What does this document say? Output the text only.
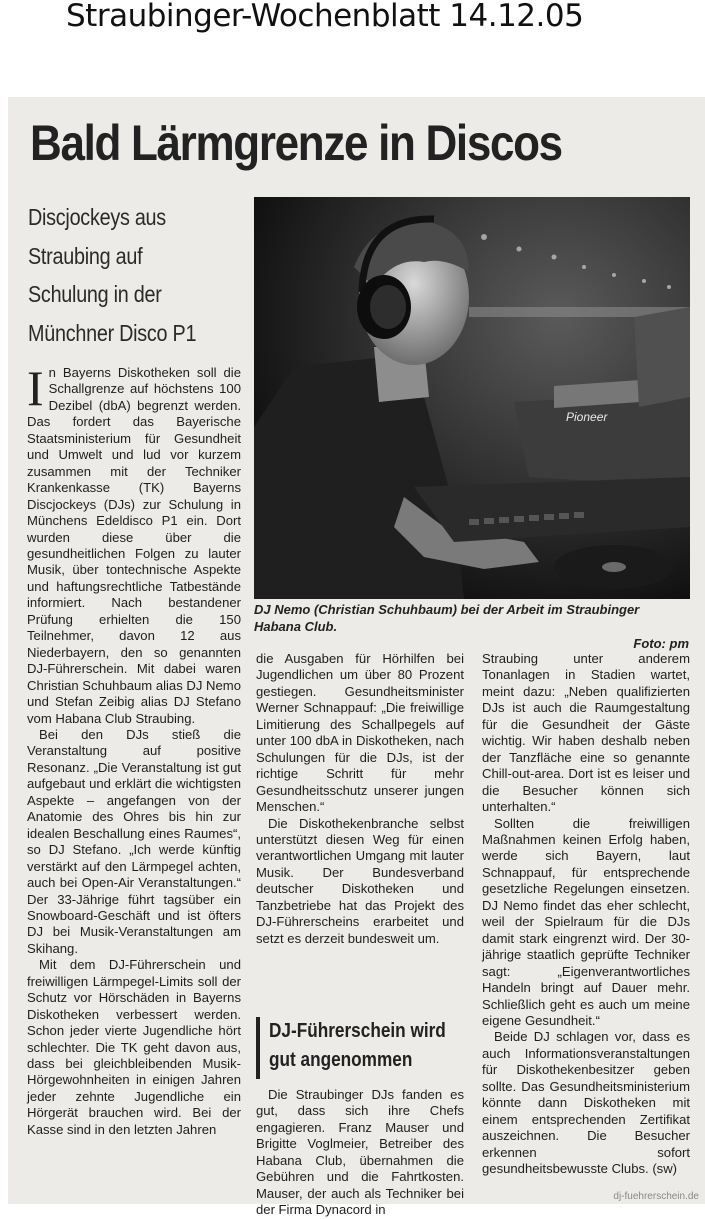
Straubinger-Wochenblatt 14.12.05
Bald Lärmgrenze in Discos
Discjockeys aus Straubing auf Schulung in der Münchner Disco P1
Pioneer
DJ Nemo (Christian Schuhbaum) bei der Arbeit im Straubinger Habana Club.
Foto: pm

In Bayerns Diskotheken soll die Schallgrenze auf höchstens 100 Dezibel (dbA) begrenzt werden. Das fordert das Bayerische Staatsministerium für Gesundheit und Umwelt und lud vor kurzem zusammen mit der Techniker Krankenkasse (TK) Bayerns Discjockeys (DJs) zur Schulung in Münchens Edeldisco P1 ein. Dort wurden diese über die gesundheitlichen Folgen zu lauter Musik, über tontechnische Aspekte und haftungsrechtliche Tatbestände informiert. Nach bestandener Prüfung erhielten die 150 Teilnehmer, davon 12 aus Niederbayern, den so genannten DJ-Führerschein. Mit dabei waren Christian Schuhbaum alias DJ Nemo und Stefan Zeibig alias DJ Stefano vom Habana Club Straubing.

Bei den DJs stieß die Veranstaltung auf positive Resonanz. „Die Veranstaltung ist gut aufgebaut und erklärt die wichtigsten Aspekte – angefangen von der Anatomie des Ohres bis hin zur idealen Beschallung eines Raumes“, so DJ Stefano. „Ich werde künftig verstärkt auf den Lärmpegel achten, auch bei Open-Air Veranstaltungen.“ Der 33-Jährige führt tagsüber ein Snowboard-Geschäft und ist öfters DJ bei Musik-Veranstaltungen am Skihang.

Mit dem DJ-Führerschein und freiwilligen Lärmpegel-Limits soll der Schutz vor Hörschäden in Bayerns Diskotheken verbessert werden. Schon jeder vierte Jugendliche hört schlechter. Die TK geht davon aus, dass bei gleichbleibenden Musik-Hörgewohnheiten in einigen Jahren jeder zehnte Jugendliche ein Hörgerät brauchen wird. Bei der Kasse sind in den letzten Jahren

die Ausgaben für Hörhilfen bei Jugendlichen um über 80 Prozent gestiegen. Gesundheitsminister Werner Schnappauf: „Die freiwillige Limitierung des Schallpegels auf unter 100 dbA in Diskotheken, nach Schulungen für die DJs, ist der richtige Schritt für mehr Gesundheitsschutz unserer jungen Menschen.“

Die Diskothekenbranche selbst unterstützt diesen Weg für einen verantwortlichen Umgang mit lauter Musik. Der Bundesverband deutscher Diskotheken und Tanzbetriebe hat das Projekt des DJ-Führerscheins erarbeitet und setzt es derzeit bundesweit um.

DJ-Führerschein wird
gut angenommen

Die Straubinger DJs fanden es gut, dass sich ihre Chefs engagieren. Franz Mauser und Brigitte Voglmeier, Betreiber des Habana Club, übernahmen die Gebühren und die Fahrtkosten. Mauser, der auch als Techniker bei der Firma Dynacord in

Straubing unter anderem Tonanlagen in Stadien wartet, meint dazu: „Neben qualifizierten DJs ist auch die Raumgestaltung für die Gesundheit der Gäste wichtig. Wir haben deshalb neben der Tanzfläche eine so genannte Chill-out-area. Dort ist es leiser und die Besucher können sich unterhalten.“

Sollten die freiwilligen Maßnahmen keinen Erfolg haben, werde sich Bayern, laut Schnappauf, für entsprechende gesetzliche Regelungen einsetzen. DJ Nemo findet das eher schlecht, weil der Spielraum für die DJs damit stark eingrenzt wird. Der 30-jährige staatlich geprüfte Techniker sagt: „Eigenverantwortliches Handeln bringt auf Dauer mehr. Schließlich geht es auch um meine eigene Gesundheit.“

Beide DJ schlagen vor, dass es auch Informationsveranstaltungen für Diskothekenbesitzer geben sollte. Das Gesundheitsministerium könnte dann Diskotheken mit einem entsprechenden Zertifikat auszeichnen. Die Besucher erkennen sofort gesundheitsbewusste Clubs. (sw)

dj-fuehrerschein.de
